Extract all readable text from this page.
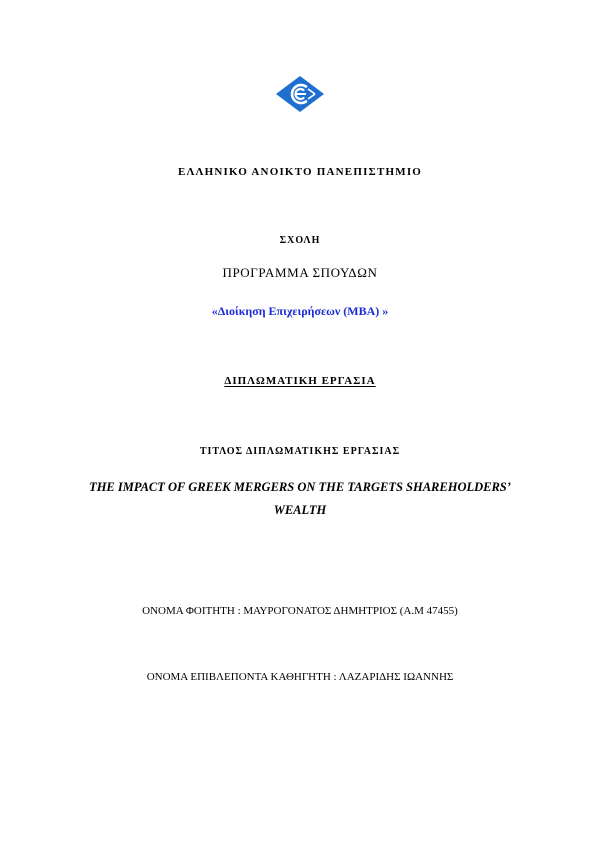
ΕΛΛΗΝΙΚΟ ΑΝΟΙΚΤΟ ΠΑΝΕΠΙΣΤΗΜΙΟ
ΣΧΟΛΗ
ΠΡΟΓΡΑΜΜΑ ΣΠΟΥΔΩΝ
«Διοίκηση Επιχειρήσεων (ΜΒΑ) »
ΔΙΠΛΩΜΑΤΙΚΗ ΕΡΓΑΣΙΑ
ΤΙΤΛΟΣ ΔΙΠΛΩΜΑΤΙΚΗΣ ΕΡΓΑΣΙΑΣ
THE IMPACT OF GREEK MERGERS ON THE TARGETS SHAREHOLDERS’
WEALTH
ΟΝΟΜΑ ΦΟΙΤΗΤΗ : ΜΑΥΡΟΓΟΝΑΤΟΣ ΔΗΜΗΤΡΙΟΣ (Α.Μ 47455)
ΟΝΟΜΑ ΕΠΙΒΛΕΠΟΝΤΑ ΚΑΘΗΓΗΤΗ : ΛΑΖΑΡΙΔΗΣ ΙΩΑΝΝΗΣ
